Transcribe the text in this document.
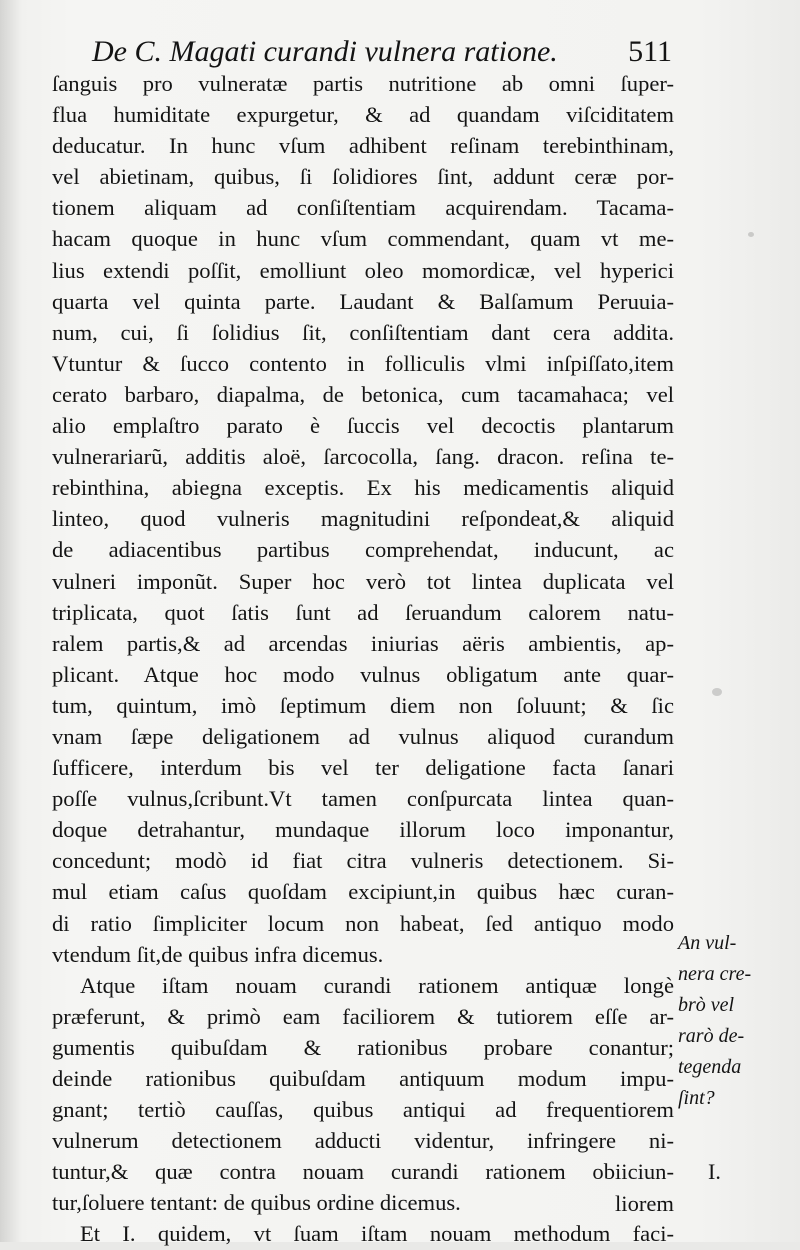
De C. Magati curandi vulnera ratione. 511
ſanguis pro vulneratæ partis nutritione ab omni ſuper-
flua humiditate expurgetur, & ad quandam viſciditatem
deducatur. In hunc vſum adhibent reſinam terebinthinam,
vel abietinam, quibus, ſi ſolidiores ſint, addunt ceræ por-
tionem aliquam ad conſiſtentiam acquirendam. Tacama-
hacam quoque in hunc vſum commendant, quam vt me-
lius extendi poſſit, emolliunt oleo momordicæ, vel hyperici
quarta vel quinta parte. Laudant & Balſamum Peruuia-
num, cui, ſi ſolidius ſit, conſiſtentiam dant cera addita.
Vtuntur & ſucco contento in folliculis vlmi inſpiſſato,item
cerato barbaro, diapalma, de betonica, cum tacamahaca; vel
alio emplaſtro parato è ſuccis vel decoctis plantarum
vulnerariarũ, additis aloë, ſarcocolla, ſang. dracon. reſina te-
rebinthina, abiegna exceptis. Ex his medicamentis aliquid
linteo, quod vulneris magnitudini reſpondeat,& aliquid
de adiacentibus partibus comprehendat, inducunt, ac
vulneri imponũt. Super hoc verò tot lintea duplicata vel
triplicata, quot ſatis ſunt ad ſeruandum calorem natu-
ralem partis,& ad arcendas iniurias aëris ambientis, ap-
plicant. Atque hoc modo vulnus obligatum ante quar-
tum, quintum, imò ſeptimum diem non ſoluunt; & ſic
vnam ſæpe deligationem ad vulnus aliquod curandum
ſufficere, interdum bis vel ter deligatione facta ſanari
poſſe vulnus,ſcribunt.Vt tamen conſpurcata lintea quan-
doque detrahantur, mundaque illorum loco imponantur,
concedunt; modò id fiat citra vulneris detectionem. Si-
mul etiam caſus quoſdam excipiunt,in quibus hæc curan-
di ratio ſimpliciter locum non habeat, ſed antiquo modo
vtendum ſit,de quibus infra dicemus.
Atque iſtam nouam curandi rationem antiquæ longè
præferunt, & primò eam faciliorem & tutiorem eſſe ar-
gumentis quibuſdam & rationibus probare conantur;
deinde rationibus quibuſdam antiquum modum impu-
gnant; tertiò cauſſas, quibus antiqui ad frequentiorem
vulnerum detectionem adducti videntur, infringere ni-
tuntur,& quæ contra nouam curandi rationem obiiciun-
tur,ſoluere tentant: de quibus ordine dicemus.
Et I. quidem, vt ſuam iſtam nouam methodum faci-
An vul-
nera cre-
brò vel
rarò de-
tegenda
ſint?
I.
liorem
